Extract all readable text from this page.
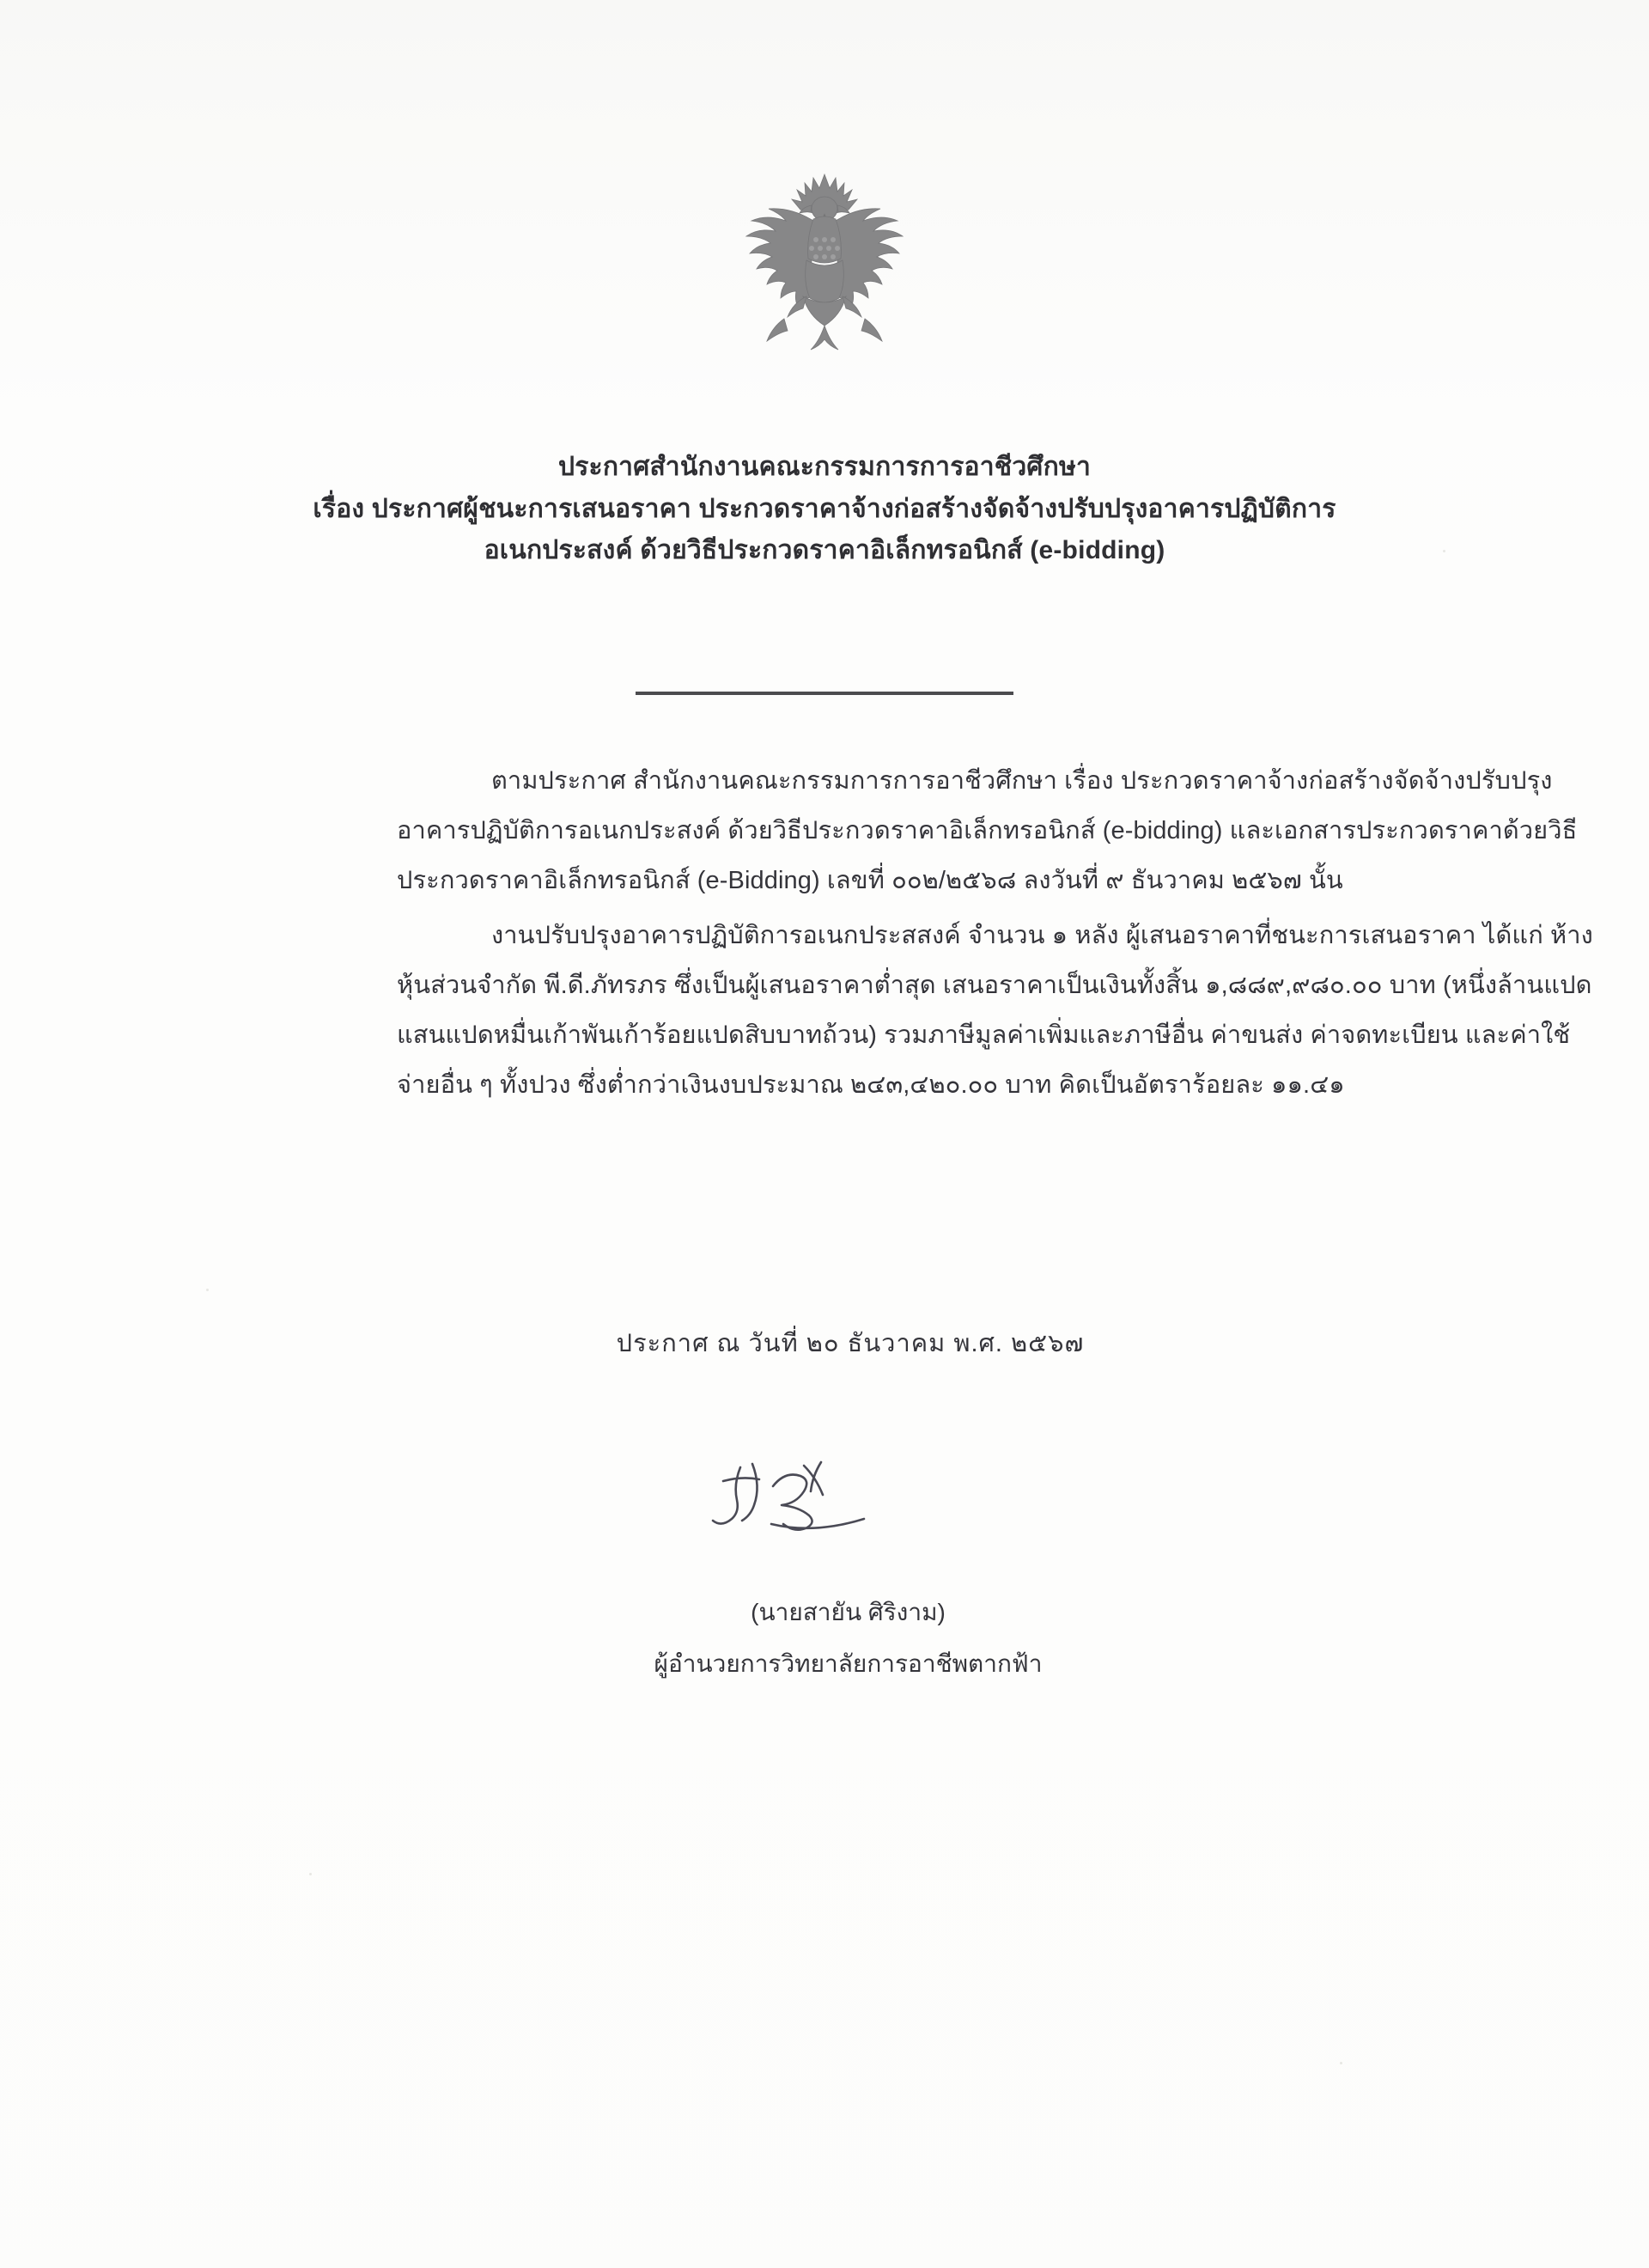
ประกาศสำนักงานคณะกรรมการการอาชีวศึกษา
เรื่อง ประกาศผู้ชนะการเสนอราคา ประกวดราคาจ้างก่อสร้างจัดจ้างปรับปรุงอาคารปฏิบัติการ
อเนกประสงค์ ด้วยวิธีประกวดราคาอิเล็กทรอนิกส์ (e-bidding)

ตามประกาศ สำนักงานคณะกรรมการการอาชีวศึกษา เรื่อง ประกวดราคาจ้างก่อสร้างจัดจ้างปรับปรุงอาคารปฏิบัติการอเนกประสงค์ ด้วยวิธีประกวดราคาอิเล็กทรอนิกส์ (e-bidding) และเอกสารประกวดราคาด้วยวิธีประกวดราคาอิเล็กทรอนิกส์ (e-Bidding) เลขที่ ๐๐๒/๒๕๖๘ ลงวันที่ ๙ ธันวาคม ๒๕๖๗ นั้น

งานปรับปรุงอาคารปฏิบัติการอเนกประสสงค์ จำนวน ๑ หลัง ผู้เสนอราคาที่ชนะการเสนอราคา ได้แก่ ห้างหุ้นส่วนจำกัด พี.ดี.ภัทรภร ซึ่งเป็นผู้เสนอราคาต่ำสุด เสนอราคาเป็นเงินทั้งสิ้น ๑,๘๘๙,๙๘๐.๐๐ บาท (หนึ่งล้านแปดแสนแปดหมื่นเก้าพันเก้าร้อยแปดสิบบาทถ้วน) รวมภาษีมูลค่าเพิ่มและภาษีอื่น ค่าขนส่ง ค่าจดทะเบียน และค่าใช้จ่ายอื่น ๆ ทั้งปวง ซึ่งต่ำกว่าเงินงบประมาณ ๒๔๓,๔๒๐.๐๐ บาท คิดเป็นอัตราร้อยละ ๑๑.๔๑

ประกาศ ณ วันที่ ๒๐ ธันวาคม พ.ศ. ๒๕๖๗
(นายสายัน ศิริงาม)
ผู้อำนวยการวิทยาลัยการอาชีพตากฟ้า
